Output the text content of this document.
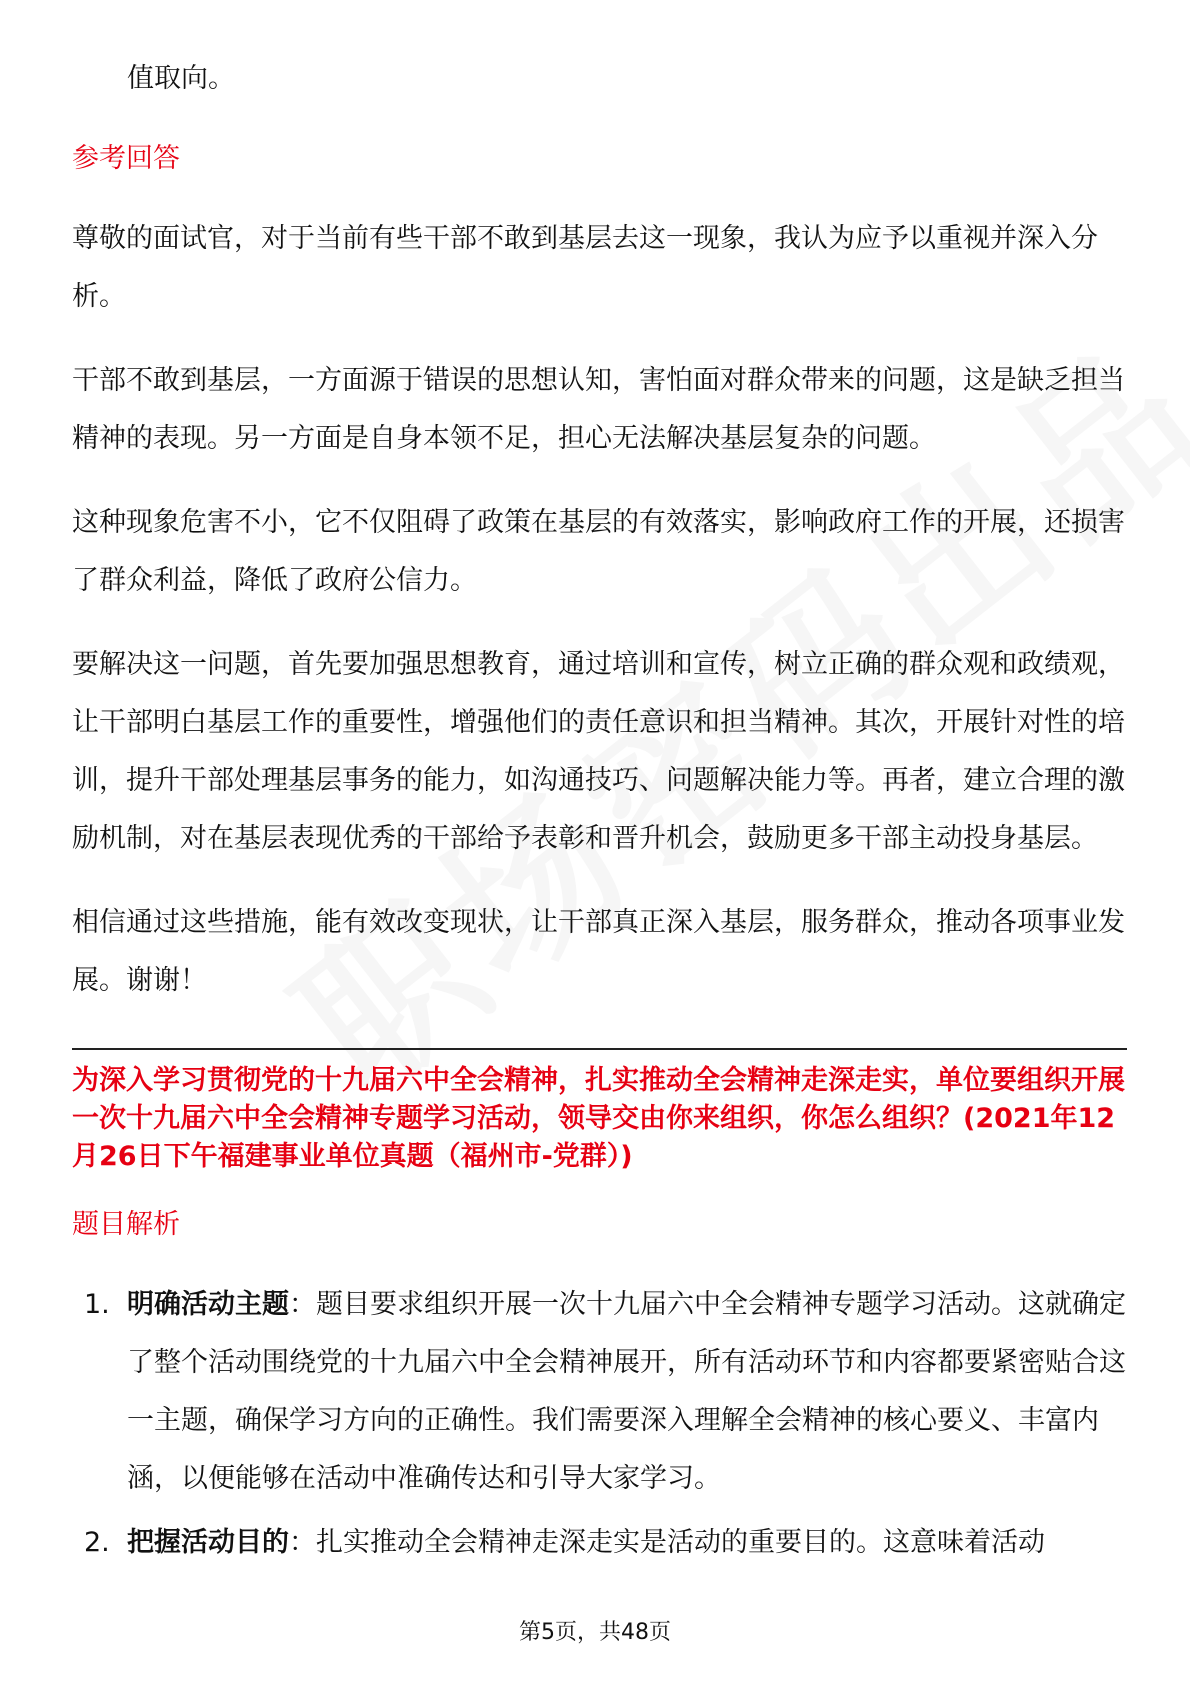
值取向。

参考回答

尊敬的面试官，对于当前有些干部不敢到基层去这一现象，我认为应予以重视并深入分析。

干部不敢到基层，一方面源于错误的思想认知，害怕面对群众带来的问题，这是缺乏担当精神的表现。另一方面是自身本领不足，担心无法解决基层复杂的问题。

这种现象危害不小，它不仅阻碍了政策在基层的有效落实，影响政府工作的开展，还损害了群众利益，降低了政府公信力。

要解决这一问题，首先要加强思想教育，通过培训和宣传，树立正确的群众观和政绩观，让干部明白基层工作的重要性，增强他们的责任意识和担当精神。其次，开展针对性的培训，提升干部处理基层事务的能力，如沟通技巧、问题解决能力等。再者，建立合理的激励机制，对在基层表现优秀的干部给予表彰和晋升机会，鼓励更多干部主动投身基层。

相信通过这些措施，能有效改变现状，让干部真正深入基层，服务群众，推动各项事业发展。谢谢！

为深入学习贯彻党的十九届六中全会精神，扎实推动全会精神走深走实，单位要组织开展一次十九届六中全会精神专题学习活动，领导交由你来组织，你怎么组织？(2021年12月26日下午福建事业单位真题（福州市-党群）)

题目解析

1. 明确活动主题：题目要求组织开展一次十九届六中全会精神专题学习活动。这就确定了整个活动围绕党的十九届六中全会精神展开，所有活动环节和内容都要紧密贴合这一主题，确保学习方向的正确性。我们需要深入理解全会精神的核心要义、丰富内涵，以便能够在活动中准确传达和引导大家学习。
2. 把握活动目的：扎实推动全会精神走深走实是活动的重要目的。这意味着活动
第5页，共48页
